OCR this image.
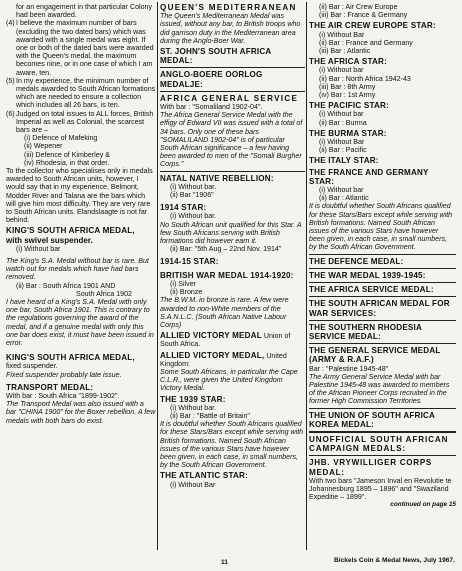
for an engagement in that particular Colony had been awarded.

(4) I believe the maximum number of bars (excluding the two dated bars) which was awarded with a single medal was eight. If one or both of the dated bars were awarded with the Queen's medal, the maximum becomes nine, or in one case of which I am aware, ten.
(5) In my experience, the minimum number of medals awarded to South African formations which are needed to ensure a collection which includes all 26 bars, is ten.
(6) Judged on total issues to ALL forces, British Imperial as well as Colonial, the scarcest bars are –

(i) Defence of Mafeking

(ii) Wepener

(iii) Defence of Kimberley &

(iv) Rhodesia, in that order.

To the collector who specialises only in medals awarded to South African units, however, I would say that in my experience, Belmont, Modder River and Talana are the bars which will give him most difficulty. They are very rare to South African units. Elandslaagte is not far behind.

KING'S SOUTH AFRICA MEDAL,

with swivel suspender.

(i) Without bar

The King's S.A. Medal without bar is rare. But watch out for medals which have had bars removed.

(ii) Bar : South Africa 1901 AND

South Africa 1902

I have heard of a King's S.A. Medal with only one bar, South Africa 1901. This is contrary to the regulations governing the award of the medal, and if a genuine medal with only this one bar does exist, it must have been issued in error.

KING'S SOUTH AFRICA MEDAL,

fixed suspender.

Fixed suspender probably late issue.

TRANSPORT MEDAL:

With bar : South Africa "1899-1902".

The Transport Medal was also issued with a bar "CHINA 1900" for the Boxer rebellion. A few medals with both bars do exist.

QUEEN'S MEDITERRANEAN

The Queen's Mediterranean Medal was issued, without any bar, to British troops who did garrison duty in the Mediterranean area during the Anglo-Boer War.

ST. JOHN'S SOUTH AFRICA MEDAL:

ANGLO-BOERE OORLOG MEDALJE:

AFRICA GENERAL SERVICE

With bar : "Somaliland 1902-04".

The Africa General Service Medal with the effigy of Edward VII was issued with a total of 34 bars. Only one of these bars "SOMALILAND 1902-04" is of particular South African significance – a few having been awarded to men of the "Somali Burgher Corps."

NATAL NATIVE REBELLION:

(i) Without bar.

(ii) Bar "1906"

1914 STAR:

(i) Without bar.

No South African unit qualified for this Star. A few South Africans serving with British formations did however earn it.

(ii) Bar: "5th Aug – 22nd Nov. 1914"

1914-15 STAR:

BRITISH WAR MEDAL 1914-1920:

(i) Silver

(ii) Bronze

The B.W.M. in bronze is rare. A few were awarded to non-White members of the S.A.N.L.C. (South African Native Labour Corps)

ALLIED VICTORY MEDAL Union of South Africa.

ALLIED VICTORY MEDAL, United Kingdom:

Some South Africans, in particular the Cape C.L.R., were given the United Kingdom Victory Medal.

THE 1939 STAR:

(i) Without bar.

(ii) Bar : "Battle of Britain"

It is doubtful whether South Africans qualified for these Stars/Bars except while serving with British formations. Named South African issues of the various Stars have however been given, in each case, in small numbers, by the South African Government.

THE ATLANTIC STAR:

(i) Without Bar

(ii) Bar : Air Crew Europe

(iii) Bar : France & Germany

THE AIR CREW EUROPE STAR:

(i) Without Bar

(ii) Bar : France and Germany

(iii) Bar : Atlantic

THE AFRICA STAR:

(i) Without bar

(ii) Bar : North Africa 1942-43

(iii) Bar : 8th Army

(iv) Bar : 1st Army

THE PACIFIC STAR:

(i) Without bar

(ii) Bar : Burma

THE BURMA STAR:

(i) Without Bar

(ii) Bar : Pacific

THE ITALY STAR:

THE FRANCE AND GERMANY STAR:

(i) Without bar

(ii) Bar : Atlantic

It is doubtful whether South Africans qualified for these Stars/Bars except while serving with British formations. Named South African issues of the various Stars have however been given, in each case, in small numbers, by the South African Government.

THE DEFENCE MEDAL:

THE WAR MEDAL 1939-1945:

THE AFRICA SERVICE MEDAL:

THE SOUTH AFRICAN MEDAL FOR WAR SERVICES:

THE SOUTHERN RHODESIA SERVICE MEDAL:

THE GENERAL SERVICE MEDAL (ARMY & R.A.F.)

Bar : "Palestine 1945-48"

The Army General Service Medal with bar Palestine 1945-48 was awarded to members of the African Pioneer Corps recruited in the former High Commission Territories.

THE UNION OF SOUTH AFRICA KOREA MEDAL:

UNOFFICIAL SOUTH AFRICAN CAMPAIGN MEDALS:

JHB. VRYWILLIGER CORPS MEDAL:

With two bars "Jameson Inval en Revolutie te Johannesburg 1895 – 1896" and "Swaziland Expeditie – 1899".

continued on page 15

11	Bickels Coin & Medal News, July 1967.
